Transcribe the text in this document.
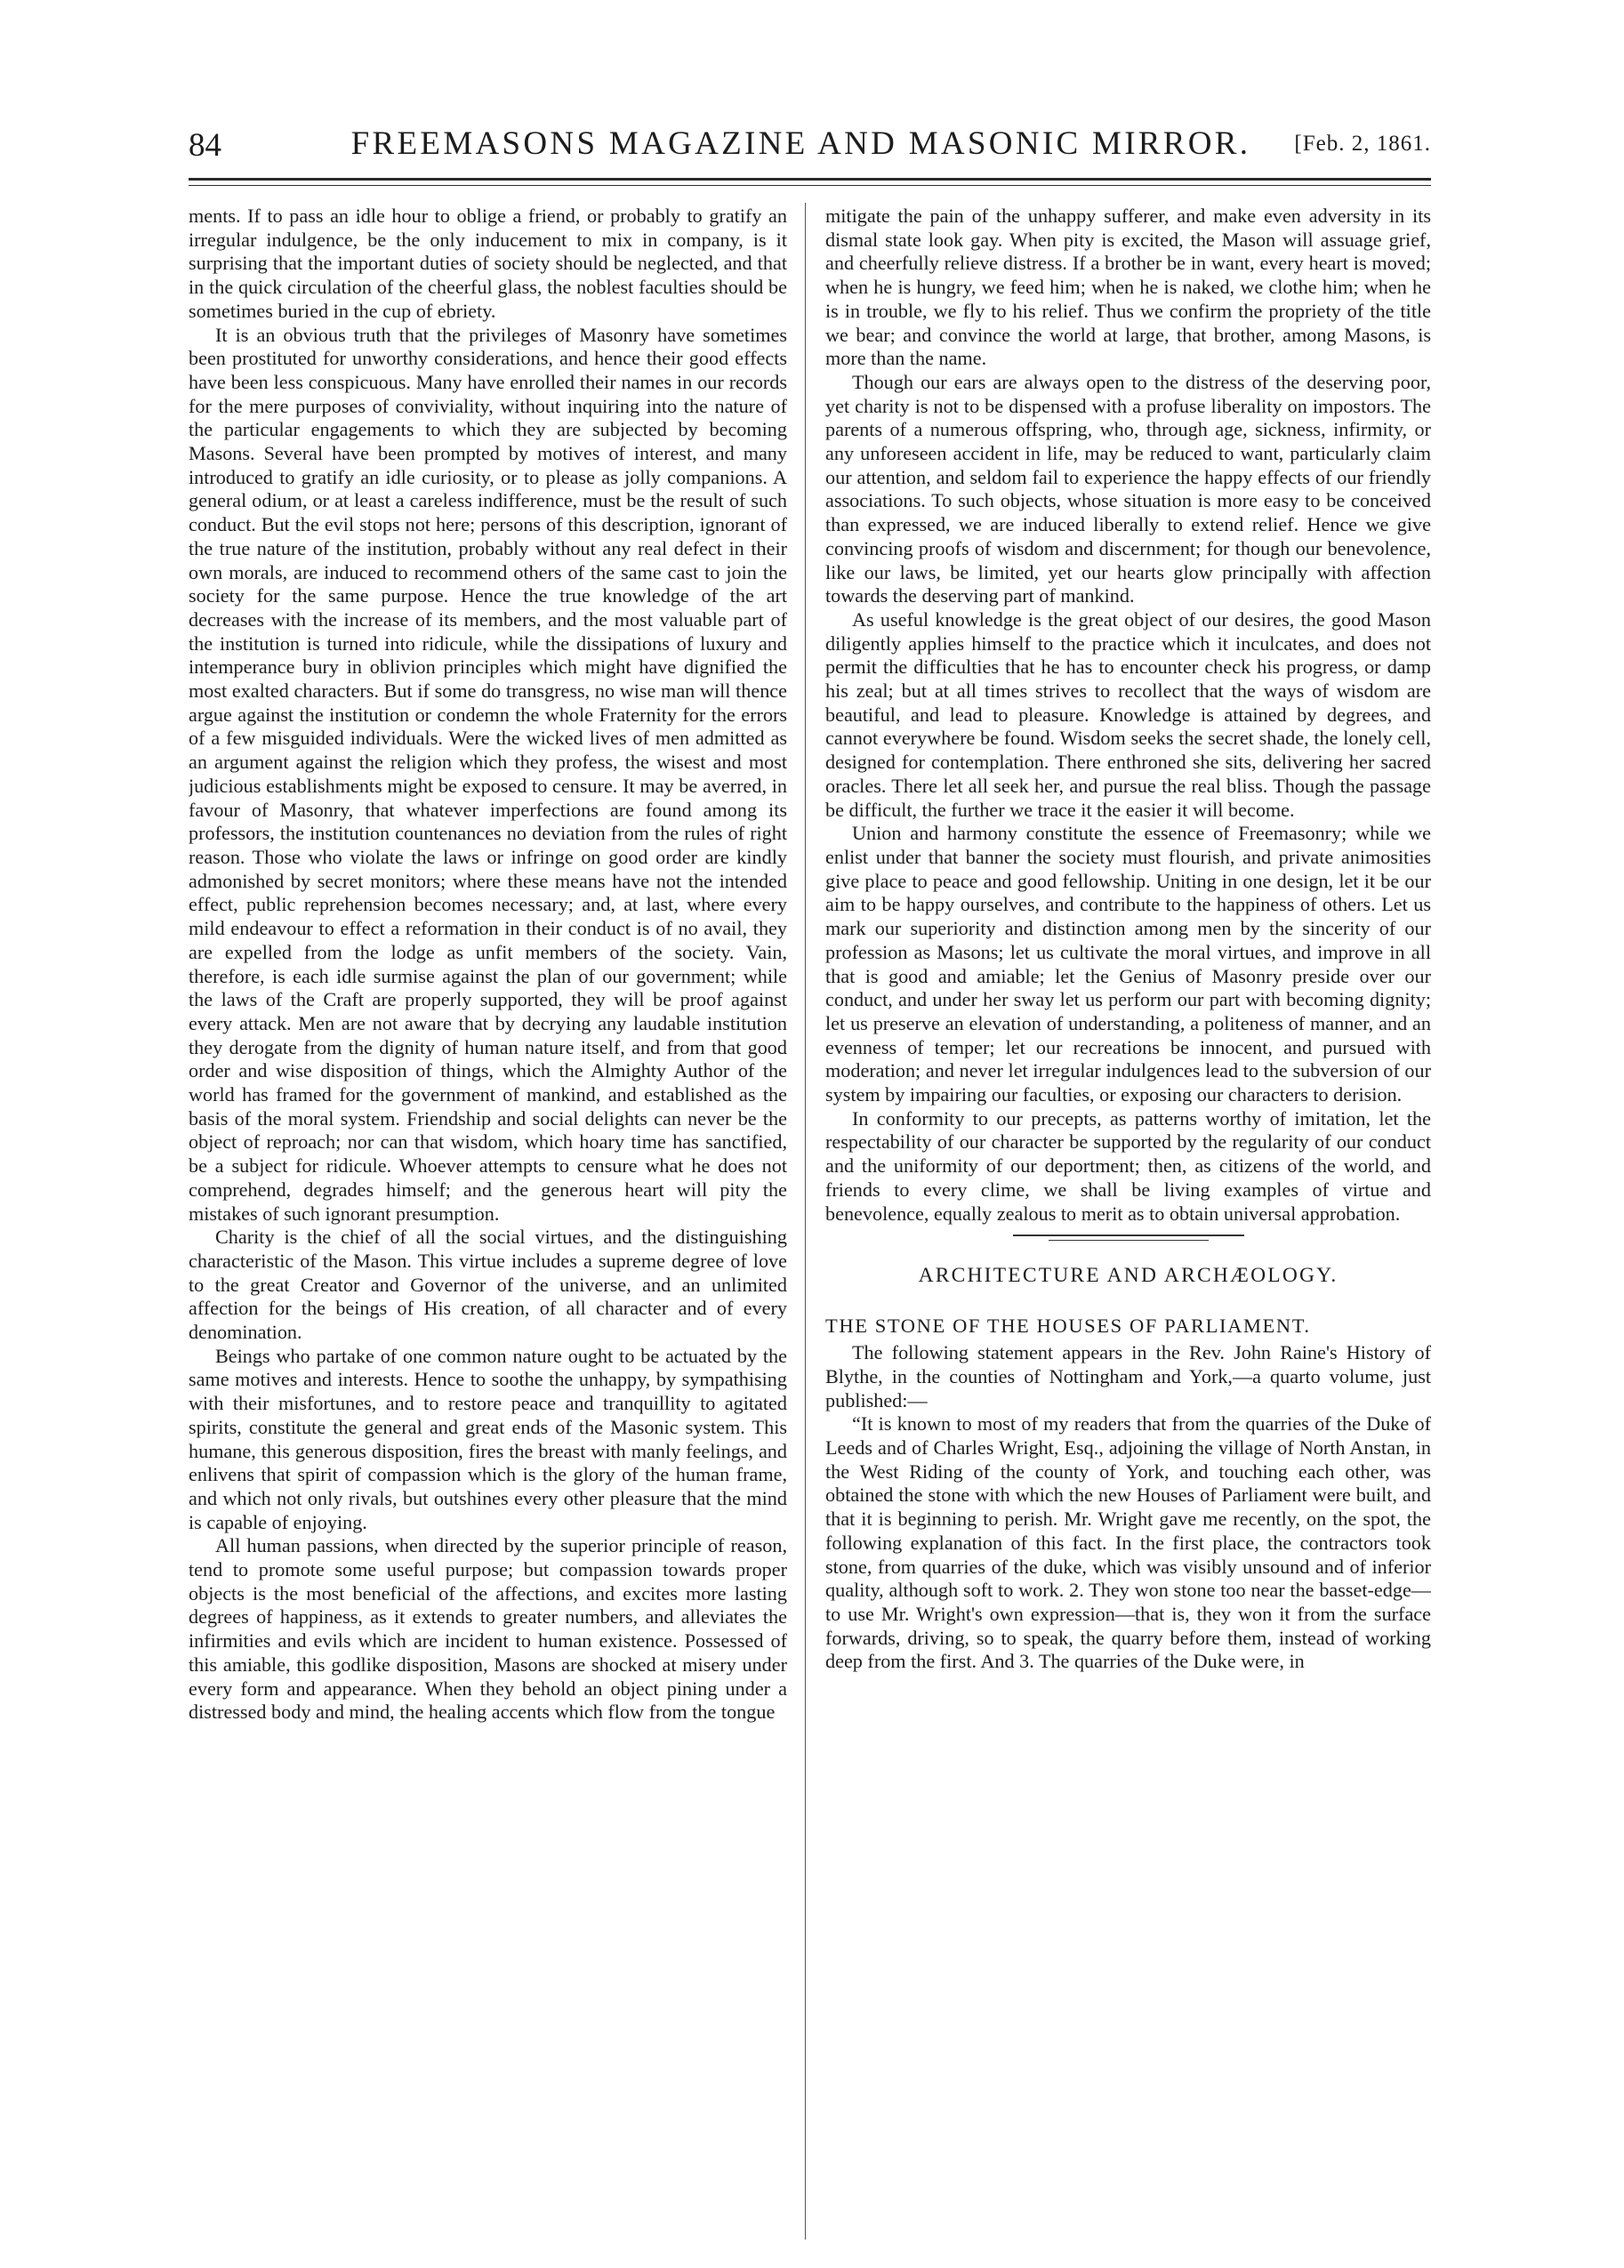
84	FREEMASONS MAGAZINE AND MASONIC MIRROR.	[Feb. 2, 1861.

ments. If to pass an idle hour to oblige a friend, or probably to gratify an irregular indulgence, be the only inducement to mix in company, is it surprising that the important duties of society should be neglected, and that in the quick circulation of the cheerful glass, the noblest faculties should be sometimes buried in the cup of ebriety.

It is an obvious truth that the privileges of Masonry have sometimes been prostituted for unworthy considerations, and hence their good effects have been less conspicuous. Many have enrolled their names in our records for the mere purposes of conviviality, without inquiring into the nature of the particular engagements to which they are subjected by becoming Masons. Several have been prompted by motives of interest, and many introduced to gratify an idle curiosity, or to please as jolly companions. A general odium, or at least a careless indifference, must be the result of such conduct. But the evil stops not here; persons of this description, ignorant of the true nature of the institution, probably without any real defect in their own morals, are induced to recommend others of the same cast to join the society for the same purpose. Hence the true knowledge of the art decreases with the increase of its members, and the most valuable part of the institution is turned into ridicule, while the dissipations of luxury and intemperance bury in oblivion principles which might have dignified the most exalted characters. But if some do transgress, no wise man will thence argue against the institution or condemn the whole Fraternity for the errors of a few misguided individuals. Were the wicked lives of men admitted as an argument against the religion which they profess, the wisest and most judicious establishments might be exposed to censure. It may be averred, in favour of Masonry, that whatever imperfections are found among its professors, the institution countenances no deviation from the rules of right reason. Those who violate the laws or infringe on good order are kindly admonished by secret monitors; where these means have not the intended effect, public reprehension becomes necessary; and, at last, where every mild endeavour to effect a reformation in their conduct is of no avail, they are expelled from the lodge as unfit members of the society. Vain, therefore, is each idle surmise against the plan of our government; while the laws of the Craft are properly supported, they will be proof against every attack. Men are not aware that by decrying any laudable institution they derogate from the dignity of human nature itself, and from that good order and wise disposition of things, which the Almighty Author of the world has framed for the government of mankind, and established as the basis of the moral system. Friendship and social delights can never be the object of reproach; nor can that wisdom, which hoary time has sanctified, be a subject for ridicule. Whoever attempts to censure what he does not comprehend, degrades himself; and the generous heart will pity the mistakes of such ignorant presumption.

Charity is the chief of all the social virtues, and the distinguishing characteristic of the Mason. This virtue includes a supreme degree of love to the great Creator and Governor of the universe, and an unlimited affection for the beings of His creation, of all character and of every denomination.

Beings who partake of one common nature ought to be actuated by the same motives and interests. Hence to soothe the unhappy, by sympathising with their misfortunes, and to restore peace and tranquillity to agitated spirits, constitute the general and great ends of the Masonic system. This humane, this generous disposition, fires the breast with manly feelings, and enlivens that spirit of compassion which is the glory of the human frame, and which not only rivals, but outshines every other pleasure that the mind is capable of enjoying.

All human passions, when directed by the superior principle of reason, tend to promote some useful purpose; but compassion towards proper objects is the most beneficial of the affections, and excites more lasting degrees of happiness, as it extends to greater numbers, and alleviates the infirmities and evils which are incident to human existence. Possessed of this amiable, this godlike disposition, Masons are shocked at misery under every form and appearance. When they behold an object pining under a distressed body and mind, the healing accents which flow from the tongue

mitigate the pain of the unhappy sufferer, and make even adversity in its dismal state look gay. When pity is excited, the Mason will assuage grief, and cheerfully relieve distress. If a brother be in want, every heart is moved; when he is hungry, we feed him; when he is naked, we clothe him; when he is in trouble, we fly to his relief. Thus we confirm the propriety of the title we bear; and convince the world at large, that brother, among Masons, is more than the name.

Though our ears are always open to the distress of the deserving poor, yet charity is not to be dispensed with a profuse liberality on impostors. The parents of a numerous offspring, who, through age, sickness, infirmity, or any unforeseen accident in life, may be reduced to want, particularly claim our attention, and seldom fail to experience the happy effects of our friendly associations. To such objects, whose situation is more easy to be conceived than expressed, we are induced liberally to extend relief. Hence we give convincing proofs of wisdom and discernment; for though our benevolence, like our laws, be limited, yet our hearts glow principally with affection towards the deserving part of mankind.

As useful knowledge is the great object of our desires, the good Mason diligently applies himself to the practice which it inculcates, and does not permit the difficulties that he has to encounter check his progress, or damp his zeal; but at all times strives to recollect that the ways of wisdom are beautiful, and lead to pleasure. Knowledge is attained by degrees, and cannot everywhere be found. Wisdom seeks the secret shade, the lonely cell, designed for contemplation. There enthroned she sits, delivering her sacred oracles. There let all seek her, and pursue the real bliss. Though the passage be difficult, the further we trace it the easier it will become.

Union and harmony constitute the essence of Freemasonry; while we enlist under that banner the society must flourish, and private animosities give place to peace and good fellowship. Uniting in one design, let it be our aim to be happy ourselves, and contribute to the happiness of others. Let us mark our superiority and distinction among men by the sincerity of our profession as Masons; let us cultivate the moral virtues, and improve in all that is good and amiable; let the Genius of Masonry preside over our conduct, and under her sway let us perform our part with becoming dignity; let us preserve an elevation of understanding, a politeness of manner, and an evenness of temper; let our recreations be innocent, and pursued with moderation; and never let irregular indulgences lead to the subversion of our system by impairing our faculties, or exposing our characters to derision.

In conformity to our precepts, as patterns worthy of imitation, let the respectability of our character be supported by the regularity of our conduct and the uniformity of our deportment; then, as citizens of the world, and friends to every clime, we shall be living examples of virtue and benevolence, equally zealous to merit as to obtain universal approbation.

ARCHITECTURE AND ARCHÆOLOGY.
THE STONE OF THE HOUSES OF PARLIAMENT.

The following statement appears in the Rev. John Raine's History of Blythe, in the counties of Nottingham and York,—a quarto volume, just published:—

“It is known to most of my readers that from the quarries of the Duke of Leeds and of Charles Wright, Esq., adjoining the village of North Anstan, in the West Riding of the county of York, and touching each other, was obtained the stone with which the new Houses of Parliament were built, and that it is beginning to perish. Mr. Wright gave me recently, on the spot, the following explanation of this fact. In the first place, the contractors took stone, from quarries of the duke, which was visibly unsound and of inferior quality, although soft to work. 2. They won stone too near the basset-edge—to use Mr. Wright's own expression—that is, they won it from the surface forwards, driving, so to speak, the quarry before them, instead of working deep from the first. And 3. The quarries of the Duke were, in
